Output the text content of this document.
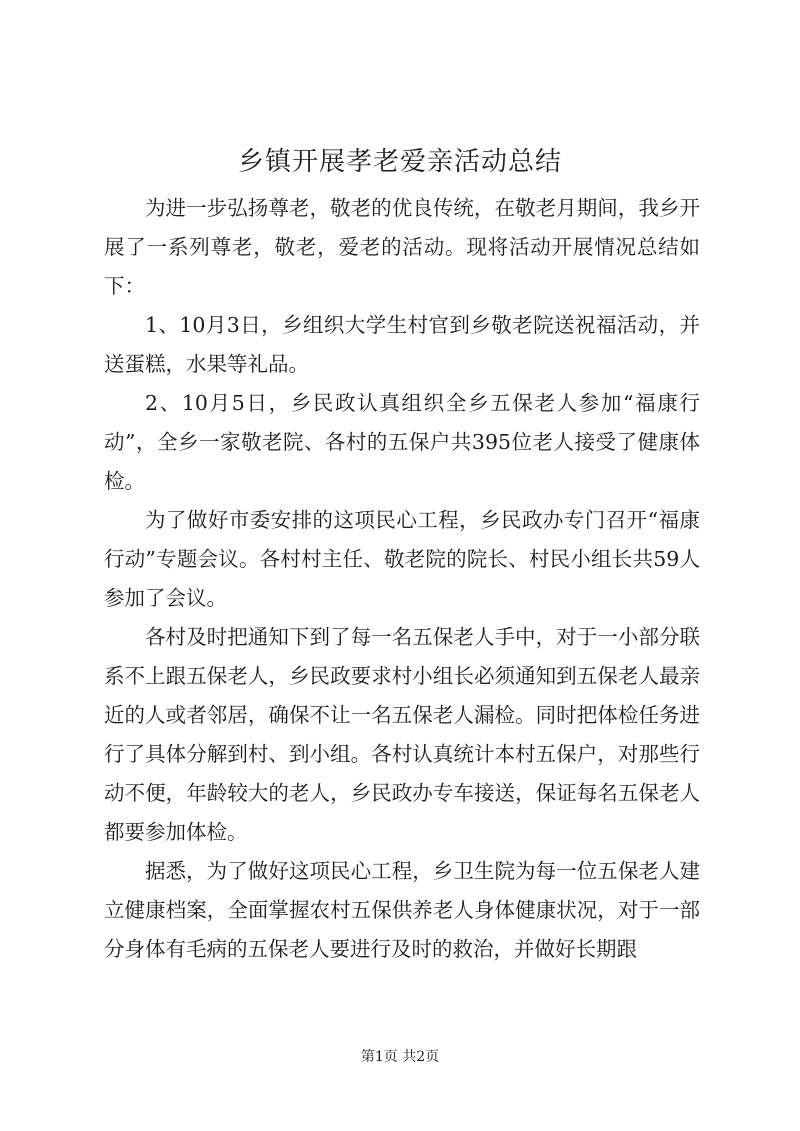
乡镇开展孝老爱亲活动总结

为进一步弘扬尊老，敬老的优良传统，在敬老月期间，我乡开展了一系列尊老，敬老，爱老的活动。现将活动开展情况总结如下：

1、10月3日，乡组织大学生村官到乡敬老院送祝福活动，并送蛋糕，水果等礼品。

2、10月5日，乡民政认真组织全乡五保老人参加“福康行动”，全乡一家敬老院、各村的五保户共395位老人接受了健康体检。

为了做好市委安排的这项民心工程，乡民政办专门召开“福康行动”专题会议。各村村主任、敬老院的院长、村民小组长共59人参加了会议。

各村及时把通知下到了每一名五保老人手中，对于一小部分联系不上跟五保老人，乡民政要求村小组长必须通知到五保老人最亲近的人或者邻居，确保不让一名五保老人漏检。同时把体检任务进行了具体分解到村、到小组。各村认真统计本村五保户，对那些行动不便，年龄较大的老人，乡民政办专车接送，保证每名五保老人都要参加体检。

据悉，为了做好这项民心工程，乡卫生院为每一位五保老人建立健康档案，全面掌握农村五保供养老人身体健康状况，对于一部分身体有毛病的五保老人要进行及时的救治，并做好长期跟

第1页 共2页
